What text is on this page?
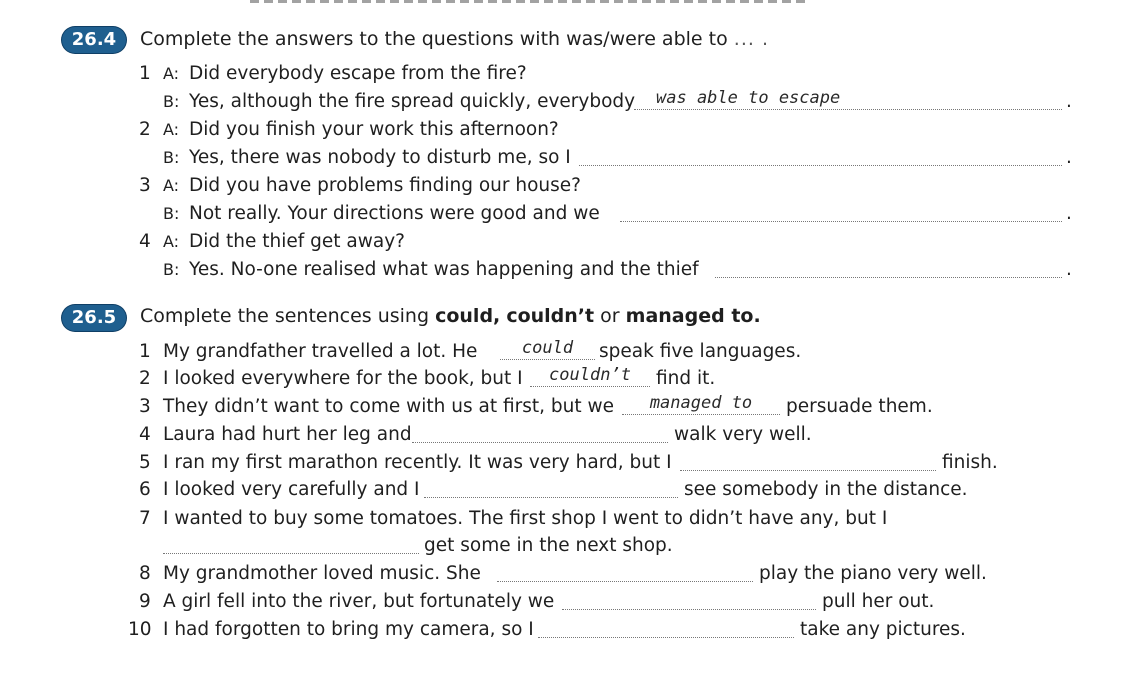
26.4	Complete the answers to the questions with was/were able to ... .
1 A: Did everybody escape from the fire?
B: Yes, although the fire spread quickly, everybody was able to escape	.
2 A: Did you finish your work this afternoon?
B: Yes, there was nobody to disturb me, so I	.
3 A: Did you have problems finding our house?
B: Not really. Your directions were good and we	.
4 A: Did the thief get away?
B: Yes. No-one realised what was happening and the thief	.
26.5	Complete the sentences using could, couldn’t or managed to.
1 My grandfather travelled a lot. He	could	speak five languages.
2 I looked everywhere for the book, but I	couldn’t	find it.
3 They didn’t want to come with us at first, but we	managed to	persuade them.
4 Laura had hurt her leg and	walk very well.
5 I ran my first marathon recently. It was very hard, but I	finish.
6 I looked very carefully and I	see somebody in the distance.
7 I wanted to buy some tomatoes. The first shop I went to didn’t have any, but I
get some in the next shop.
8 My grandmother loved music. She	play the piano very well.
9 A girl fell into the river, but fortunately we	pull her out.
10 I had forgotten to bring my camera, so I	take any pictures.
